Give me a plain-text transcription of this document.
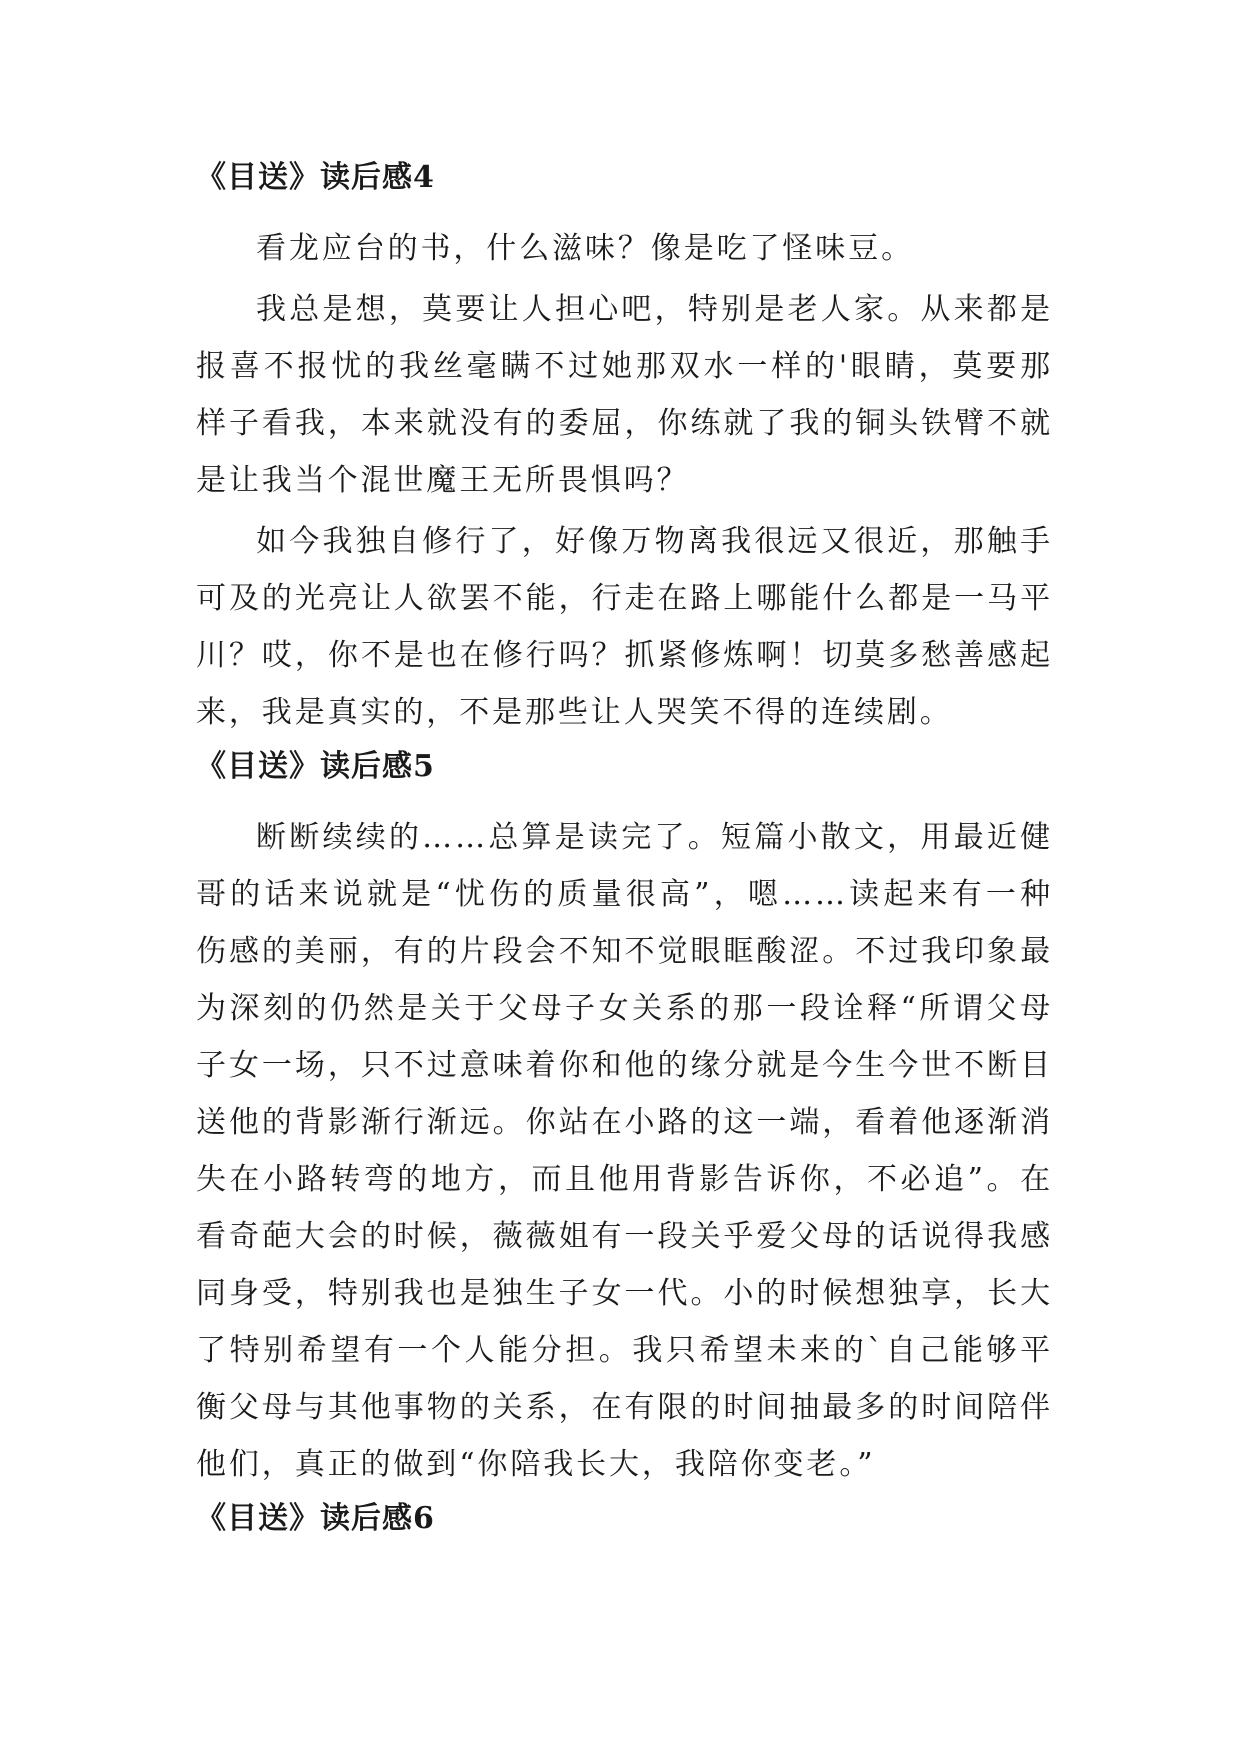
《目送》读后感4

看龙应台的书，什么滋味？像是吃了怪味豆。

我总是想，莫要让人担心吧，特别是老人家。从来都是报喜不报忧的我丝毫瞒不过她那双水一样的'眼睛，莫要那样子看我，本来就没有的委屈，你练就了我的铜头铁臂不就是让我当个混世魔王无所畏惧吗？

如今我独自修行了，好像万物离我很远又很近，那触手可及的光亮让人欲罢不能，行走在路上哪能什么都是一马平川？哎，你不是也在修行吗？抓紧修炼啊！切莫多愁善感起来，我是真实的，不是那些让人哭笑不得的连续剧。

《目送》读后感5

断断续续的……总算是读完了。短篇小散文，用最近健哥的话来说就是“忧伤的质量很高”，嗯……读起来有一种伤感的美丽，有的片段会不知不觉眼眶酸涩。不过我印象最为深刻的仍然是关于父母子女关系的那一段诠释“所谓父母子女一场，只不过意味着你和他的缘分就是今生今世不断目送他的背影渐行渐远。你站在小路的这一端，看着他逐渐消失在小路转弯的地方，而且他用背影告诉你，不必追”。在看奇葩大会的时候，薇薇姐有一段关乎爱父母的话说得我感同身受，特别我也是独生子女一代。小的时候想独享，长大了特别希望有一个人能分担。我只希望未来的`自己能够平衡父母与其他事物的关系，在有限的时间抽最多的时间陪伴他们，真正的做到“你陪我长大，我陪你变老。”

《目送》读后感6
